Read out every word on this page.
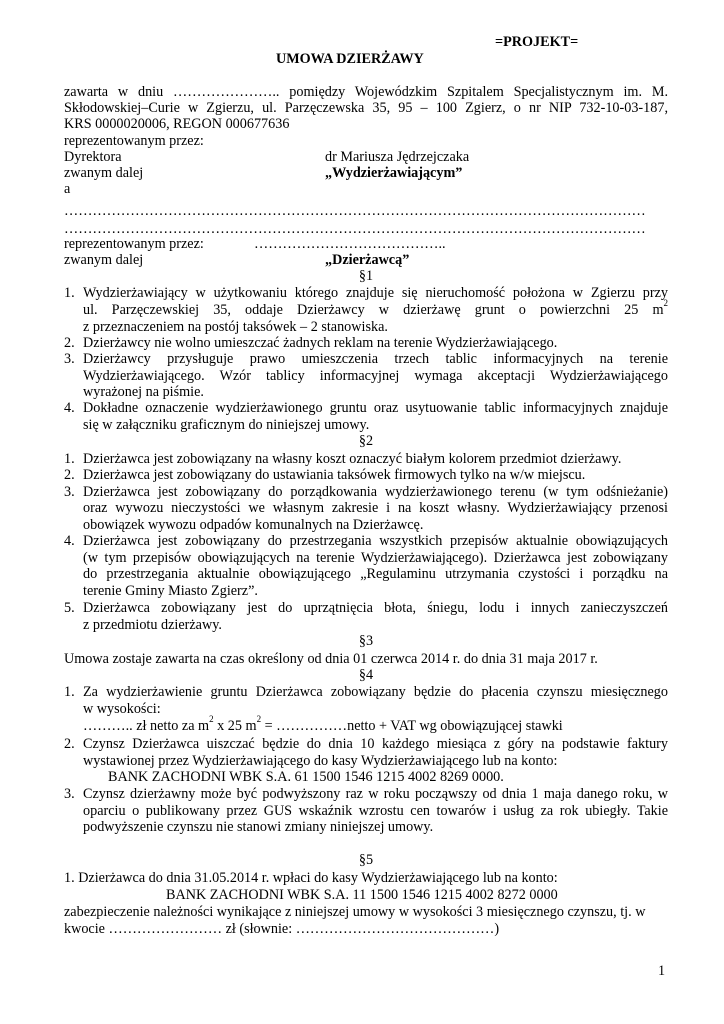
=PROJEKT=
UMOWA DZIERŻAWY
zawarta w dniu ………………….. pomiędzy Wojewódzkim Szpitalem Specjalistycznym im. M.
Skłodowskiej–Curie w Zgierzu, ul. Parzęczewska 35, 95 – 100 Zgierz, o nr NIP 732-10-03-187,
KRS 0000020006, REGON 000677636
reprezentowanym przez:
Dyrektora	dr Mariusza Jędrzejczaka
zwanym dalej	„Wydzierżawiającym”
a
……………………………………………………………………………………………………………
……………………………………………………………………………………………………………
reprezentowanym przez:	…………………………………..
zwanym dalej	„Dzierżawcą”
§1
1. Wydzierżawiający w użytkowaniu którego znajduje się nieruchomość położona w Zgierzu przy
ul. Parzęczewskiej 35, oddaje Dzierżawcy w dzierżawę grunt o powierzchni 25 $m^2$
z przeznaczeniem na postój taksówek – 2 stanowiska.
2. Dzierżawcy nie wolno umieszczać żadnych reklam na terenie Wydzierżawiającego.
3. Dzierżawcy przysługuje prawo umieszczenia trzech tablic informacyjnych na terenie
Wydzierżawiającego. Wzór tablicy informacyjnej wymaga akceptacji Wydzierżawiającego
wyrażonej na piśmie.
4. Dokładne oznaczenie wydzierżawionego gruntu oraz usytuowanie tablic informacyjnych znajduje
się w załączniku graficznym do niniejszej umowy.
§2
1. Dzierżawca jest zobowiązany na własny koszt oznaczyć białym kolorem przedmiot dzierżawy.
2. Dzierżawca jest zobowiązany do ustawiania taksówek firmowych tylko na w/w miejscu.
3. Dzierżawca jest zobowiązany do porządkowania wydzierżawionego terenu (w tym odśnieżanie)
oraz wywozu nieczystości we własnym zakresie i na koszt własny. Wydzierżawiający przenosi
obowiązek wywozu odpadów komunalnych na Dzierżawcę.
4. Dzierżawca jest zobowiązany do przestrzegania wszystkich przepisów aktualnie obowiązujących
(w tym przepisów obowiązujących na terenie Wydzierżawiającego). Dzierżawca jest zobowiązany
do przestrzegania aktualnie obowiązującego „Regulaminu utrzymania czystości i porządku na
terenie Gminy Miasto Zgierz”.
5. Dzierżawca zobowiązany jest do uprzątnięcia błota, śniegu, lodu i innych zanieczyszczeń
z przedmiotu dzierżawy.
§3
Umowa zostaje zawarta na czas określony od dnia 01 czerwca 2014 r. do dnia 31 maja 2017 r.
§4
1. Za wydzierżawienie gruntu Dzierżawca zobowiązany będzie do płacenia czynszu miesięcznego
w wysokości:
……….. zł netto za $m^2$ x 25 $m^2$ = ……………netto + VAT wg obowiązującej stawki
2. Czynsz Dzierżawca uiszczać będzie do dnia 10 każdego miesiąca z góry na podstawie faktury
wystawionej przez Wydzierżawiającego do kasy Wydzierżawiającego lub na konto:
BANK ZACHODNI WBK S.A. 61 1500 1546 1215 4002 8269 0000.
3. Czynsz dzierżawny może być podwyższony raz w roku począwszy od dnia 1 maja danego roku, w
oparciu o publikowany przez GUS wskaźnik wzrostu cen towarów i usług za rok ubiegły. Takie
podwyższenie czynszu nie stanowi zmiany niniejszej umowy.
§5
1. Dzierżawca do dnia 31.05.2014 r. wpłaci do kasy Wydzierżawiającego lub na konto:
BANK ZACHODNI WBK S.A. 11 1500 1546 1215 4002 8272 0000
zabezpieczenie należności wynikające z niniejszej umowy w wysokości 3 miesięcznego czynszu, tj. w
kwocie …………………… zł (słownie: ……………………………………)
1
